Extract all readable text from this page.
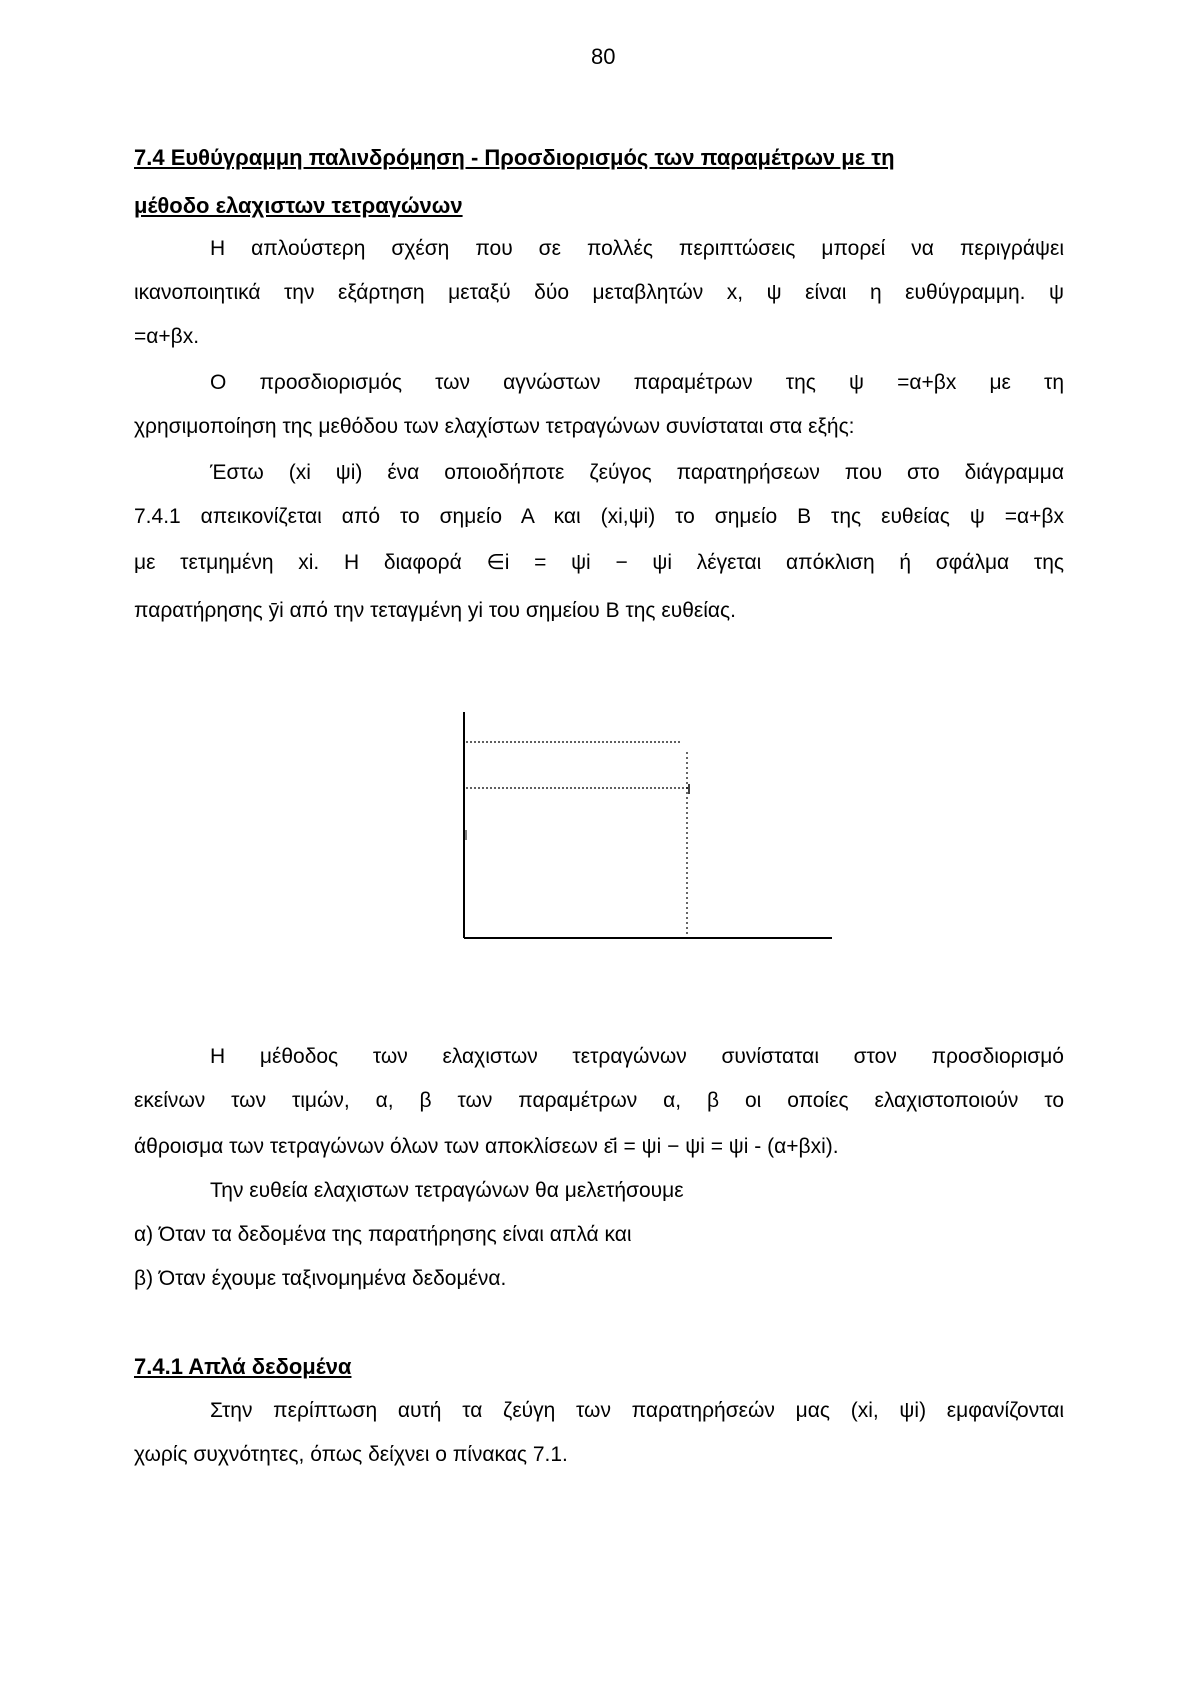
80
7.4 Ευθύγραμμη παλινδρόμηση - Προσδιορισμός των παραμέτρων με τη
μέθοδο ελαχιστων τετραγώνων
Η απλούστερη σχέση που σε πολλές περιπτώσεις μπορεί να περιγράψει
ικανοποιητικά την εξάρτηση μεταξύ δύο μεταβλητών x, ψ είναι η ευθύγραμμη. ψ
=α+βx.
Ο προσδιορισμός των αγνώστων παραμέτρων της ψ =α+βx με τη
χρησιμοποίηση της μεθόδου των ελαχίστων τετραγώνων συνίσταται στα εξής:
Έστω (xi ψi) ένα οποιοδήποτε ζεύγος παρατηρήσεων που στο διάγραμμα
7.4.1 απεικονίζεται από το σημείο Α και (xi,ψi) το σημείο Β της ευθείας ψ =α+βx
με τετμημένη xi. Η διαφορά ∈i = ψi − ψi λέγεται απόκλιση ή σφάλμα της
παρατήρησης ȳi από την τεταγμένη yi του σημείου Β της ευθείας.
Η μέθοδος των ελαχιστων τετραγώνων συνίσταται στον προσδιορισμό
εκείνων των τιμών, α, β των παραμέτρων α, β οι οποίες ελαχιστοποιούν το
άθροισμα των τετραγώνων όλων των αποκλίσεων ε̄i = ψi − ψi = ψi - (α+βxi).
Την ευθεία ελαχιστων τετραγώνων θα μελετήσουμε
α) Όταν τα δεδομένα της παρατήρησης είναι απλά και
β) Όταν έχουμε ταξινομημένα δεδομένα.
7.4.1 Απλά δεδομένα
Στην περίπτωση αυτή τα ζεύγη των παρατηρήσεών μας (xi, ψi) εμφανίζονται
χωρίς συχνότητες, όπως δείχνει ο πίνακας 7.1.
